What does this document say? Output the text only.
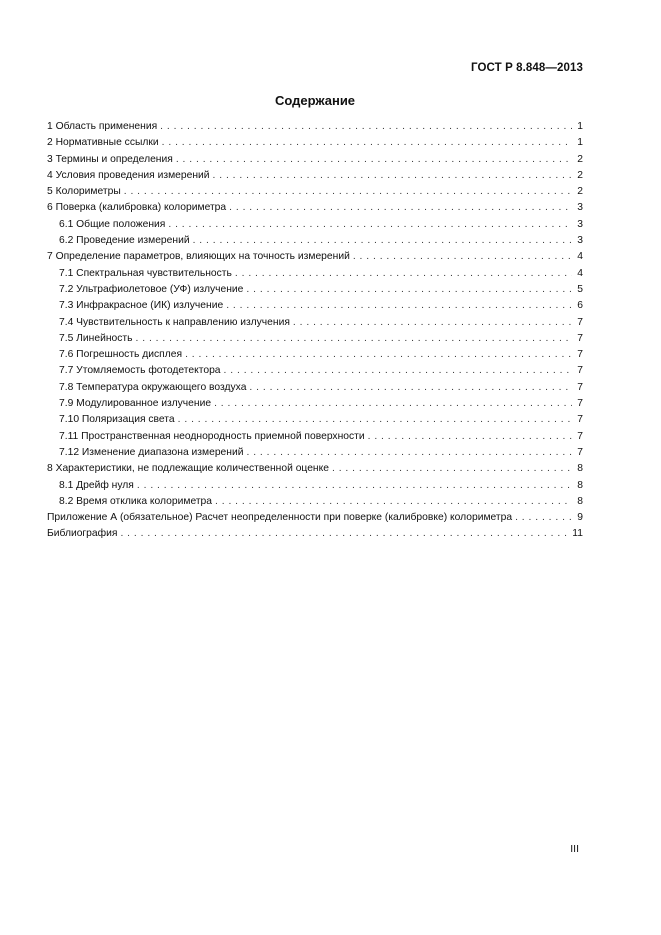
ГОСТ Р 8.848—2013
Содержание
1 Область применения . . .	1
2 Нормативные ссылки . . .	1
3 Термины и определения . . .	2
4 Условия проведения измерений . . .	2
5 Колориметры . . .	2
6 Поверка (калибровка) колориметра . . .	3
6.1 Общие положения . . .	3
6.2 Проведение измерений . . .	3
7 Определение параметров, влияющих на точность измерений . . .	4
7.1 Спектральная чувствительность . . .	4
7.2 Ультрафиолетовое (УФ) излучение . . .	5
7.3 Инфракрасное (ИК) излучение . . .	6
7.4 Чувствительность к направлению излучения . . .	7
7.5 Линейность . . .	7
7.6 Погрешность дисплея . . .	7
7.7 Утомляемость фотодетектора . . .	7
7.8 Температура окружающего воздуха . . .	7
7.9 Модулированное излучение . . .	7
7.10 Поляризация света . . .	7
7.11 Пространственная неоднородность приемной поверхности . . .	7
7.12 Изменение диапазона измерений . . .	7
8 Характеристики, не подлежащие количественной оценке . . .	8
8.1 Дрейф нуля . . .	8
8.2 Время отклика колориметра . . .	8
Приложение А (обязательное) Расчет неопределенности при поверке (калибровке) колориметра . . .	9
Библиография . . .	11
III
